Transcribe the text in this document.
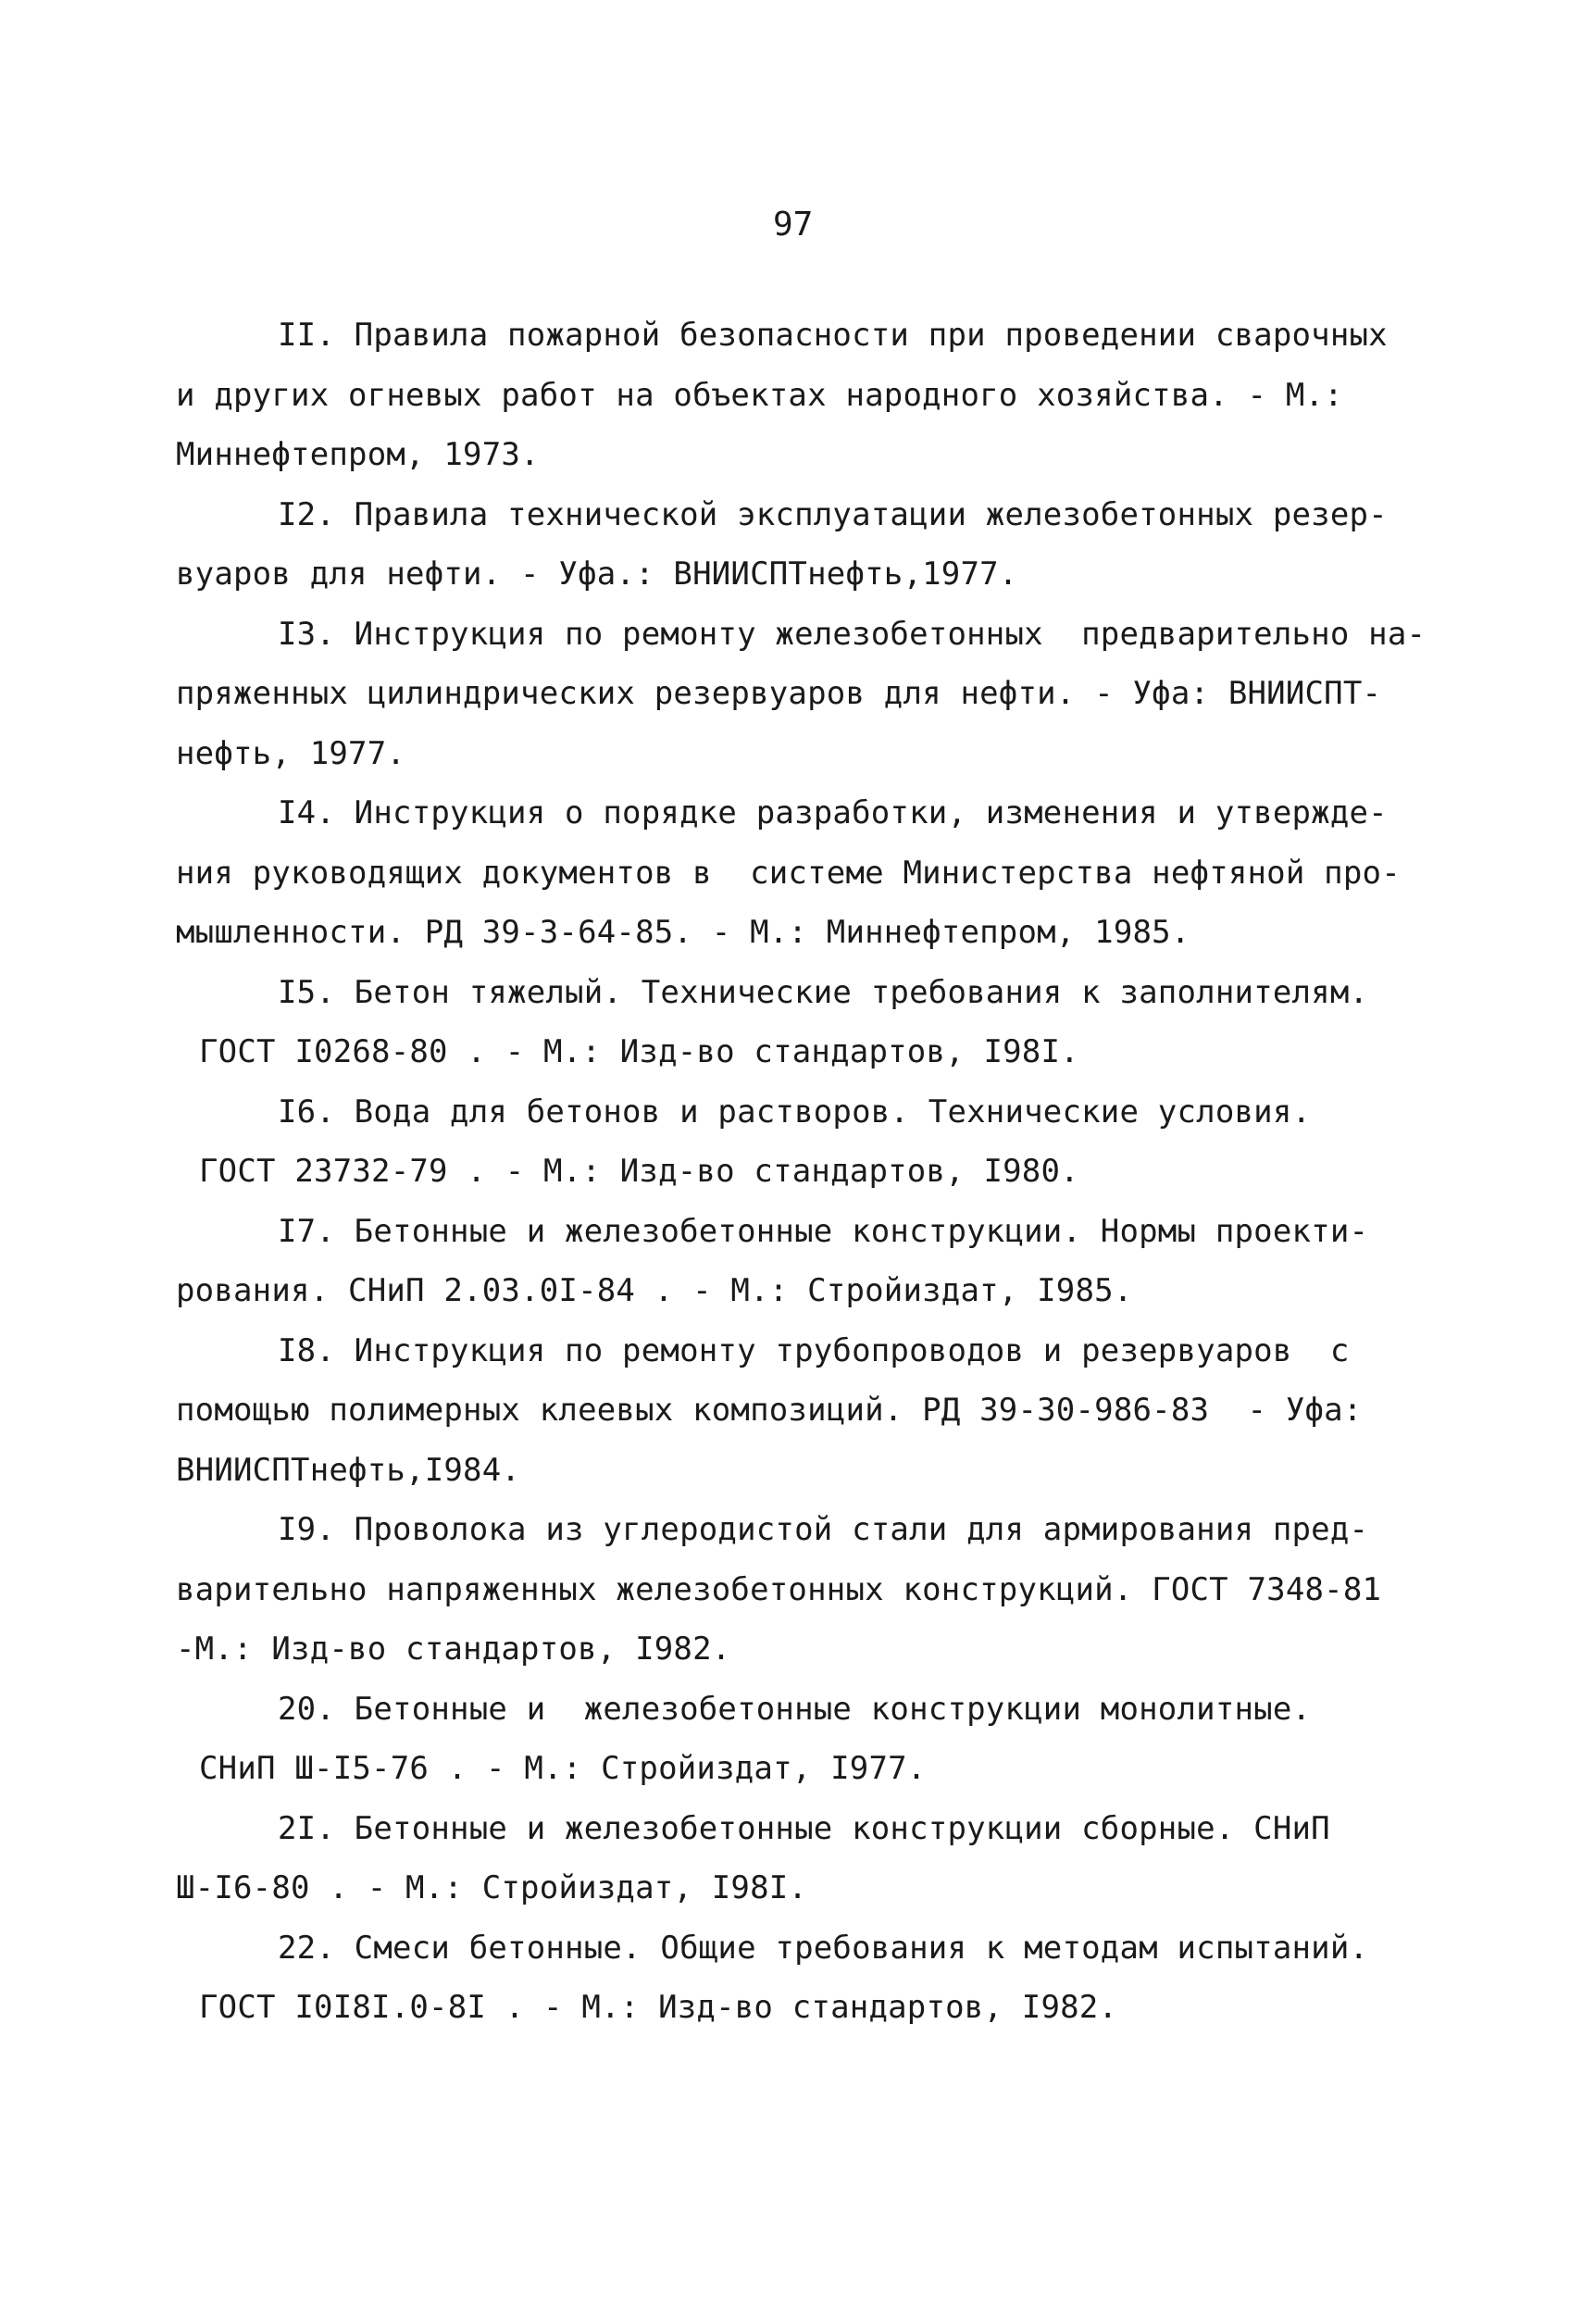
97
II. Правила пожарной безопасности при проведении сварочных
и других огневых работ на объектах народного хозяйства. - М.:
Миннефтепром, 1973.
I2. Правила технической эксплуатации железобетонных резер-
вуаров для нефти. - Уфа.: ВНИИСПТнефть,1977.
I3. Инструкция по ремонту железобетонных  предварительно на-
пряженных цилиндрических резервуаров для нефти. - Уфа: ВНИИСПТ-
нефть, 1977.
I4. Инструкция о порядке разработки, изменения и утвержде-
ния руководящих документов в  системе Министерства нефтяной про-
мышленности. РД 39-3-64-85. - М.: Миннефтепром, 1985.
I5. Бетон тяжелый. Технические требования к заполнителям.
ГОСТ I0268-80 . - М.: Изд-во стандартов, I98I.
I6. Вода для бетонов и растворов. Технические условия.
ГОСТ 23732-79 . - М.: Изд-во стандартов, I980.
I7. Бетонные и железобетонные конструкции. Нормы проекти-
рования. СНиП 2.03.0I-84 . - М.: Стройиздат, I985.
I8. Инструкция по ремонту трубопроводов и резервуаров  с
помощью полимерных клеевых композиций. РД 39-30-986-83  - Уфа:
ВНИИСПТнефть,I984.
I9. Проволока из углеродистой стали для армирования пред-
варительно напряженных железобетонных конструкций. ГОСТ 7348-81
-М.: Изд-во стандартов, I982.
20. Бетонные и  железобетонные конструкции монолитные.
СНиП Ш-I5-76 . - М.: Стройиздат, I977.
2I. Бетонные и железобетонные конструкции сборные. СНиП
Ш-I6-80 . - М.: Стройиздат, I98I.
22. Смеси бетонные. Общие требования к методам испытаний.
ГОСТ I0I8I.0-8I . - М.: Изд-во стандартов, I982.
